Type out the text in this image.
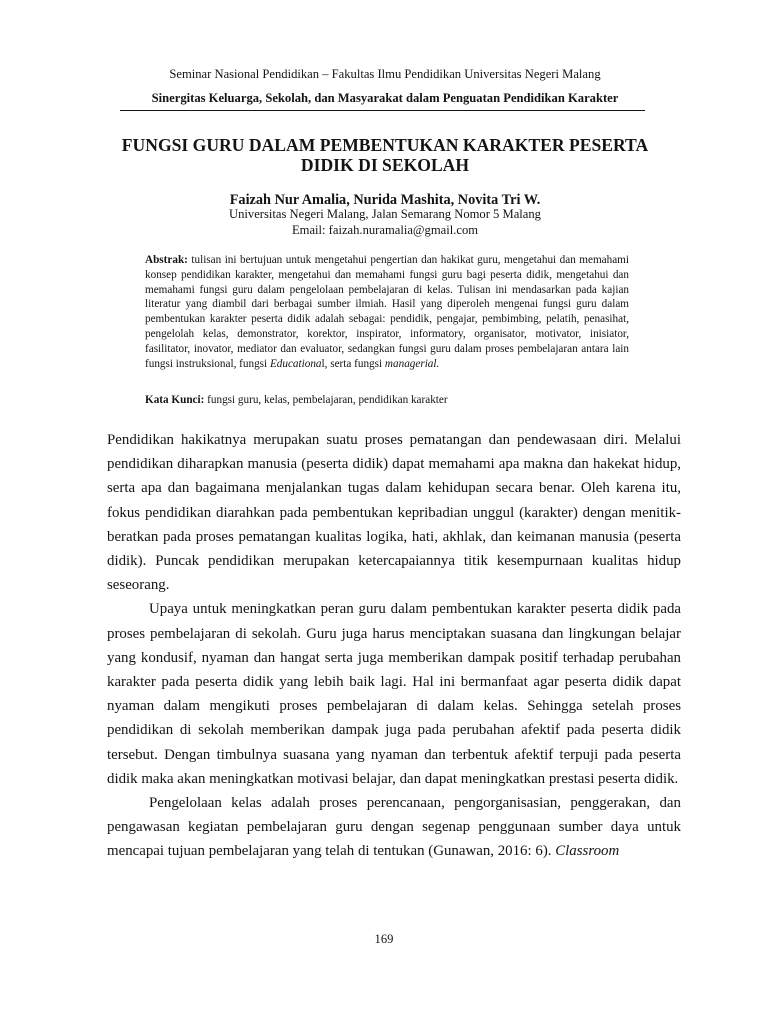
Seminar Nasional Pendidikan – Fakultas Ilmu Pendidikan Universitas Negeri Malang
Sinergitas Keluarga, Sekolah, dan Masyarakat dalam Penguatan Pendidikan Karakter
FUNGSI GURU DALAM PEMBENTUKAN KARAKTER PESERTA
DIDIK DI SEKOLAH
Faizah Nur Amalia, Nurida Mashita, Novita Tri W.
Universitas Negeri Malang, Jalan Semarang Nomor 5 Malang
Email: faizah.nuramalia@gmail.com

Abstrak: tulisan ini bertujuan untuk mengetahui pengertian dan hakikat guru, mengetahui dan memahami konsep pendidikan karakter, mengetahui dan memahami fungsi guru bagi peserta didik, mengetahui dan memahami fungsi guru dalam pengelolaan pembelajaran di kelas. Tulisan ini mendasarkan pada kajian literatur yang diambil dari berbagai sumber ilmiah. Hasil yang diperoleh mengenai fungsi guru dalam pembentukan karakter peserta didik adalah sebagai: pendidik, pengajar, pembimbing, pelatih, penasihat, pengelolah kelas, demonstrator, korektor, inspirator, informatory, organisator, motivator, inisiator, fasilitator, inovator, mediator dan evaluator, sedangkan fungsi guru dalam proses pembelajaran antara lain fungsi instruksional, fungsi Educational, serta fungsi managerial.

Kata Kunci: fungsi guru, kelas, pembelajaran, pendidikan karakter

Pendidikan hakikatnya merupakan suatu proses pematangan dan pendewasaan diri. Melalui pendidikan diharapkan manusia (peserta didik) dapat memahami apa makna dan hakekat hidup, serta apa dan bagaimana menjalankan tugas dalam kehidupan secara benar. Oleh karena itu, fokus pendidikan diarahkan pada pembentukan kepribadian unggul (karakter) dengan menitik-beratkan pada proses pematangan kualitas logika, hati, akhlak, dan keimanan manusia (peserta didik). Puncak pendidikan merupakan ketercapaiannya titik kesempurnaan kualitas hidup seseorang.

Upaya untuk meningkatkan peran guru dalam pembentukan karakter peserta didik pada proses pembelajaran di sekolah. Guru juga harus menciptakan suasana dan lingkungan belajar yang kondusif, nyaman dan hangat serta juga memberikan dampak positif terhadap perubahan karakter pada peserta didik yang lebih baik lagi. Hal ini bermanfaat agar peserta didik dapat nyaman dalam mengikuti proses pembelajaran di dalam kelas. Sehingga setelah proses pendidikan di sekolah memberikan dampak juga pada perubahan afektif pada peserta didik tersebut. Dengan timbulnya suasana yang nyaman dan terbentuk afektif terpuji pada peserta didik maka akan meningkatkan motivasi belajar, dan dapat meningkatkan prestasi peserta didik.

Pengelolaan kelas adalah proses perencanaan, pengorganisasian, penggerakan, dan pengawasan kegiatan pembelajaran guru dengan segenap penggunaan sumber daya untuk mencapai tujuan pembelajaran yang telah di tentukan (Gunawan, 2016: 6). Classroom

169
